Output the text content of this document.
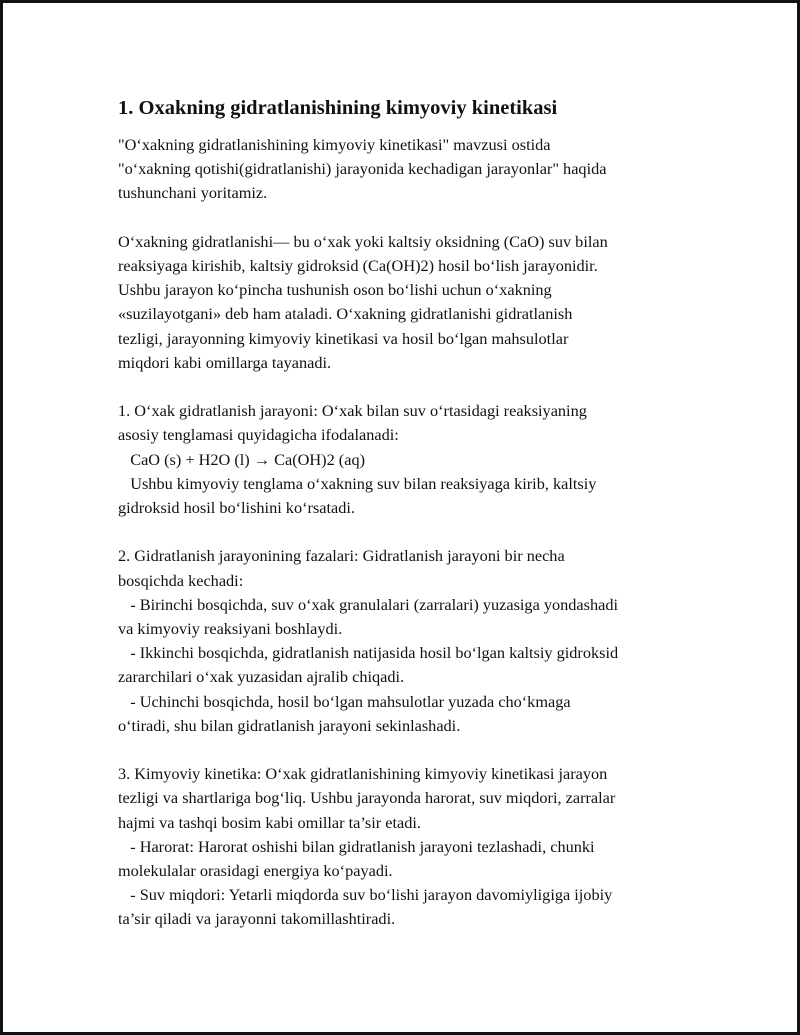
1. Oxakning gidratlanishining kimyoviy kinetikasi

"O‘xakning gidratlanishining kimyoviy kinetikasi" mavzusi ostida
"o‘xakning qotishi(gidratlanishi) jarayonida kechadigan jarayonlar" haqida
tushunchani yoritamiz.

O‘xakning gidratlanishi— bu o‘xak yoki kaltsiy oksidning (CaO) suv bilan
reaksiyaga kirishib, kaltsiy gidroksid (Ca(OH)2) hosil bo‘lish jarayonidir.
Ushbu jarayon ko‘pincha tushunish oson bo‘lishi uchun o‘xakning
«suzilayotgani» deb ham ataladi. O‘xakning gidratlanishi gidratlanish
tezligi, jarayonning kimyoviy kinetikasi va hosil bo‘lgan mahsulotlar
miqdori kabi omillarga tayanadi.

1. O‘xak gidratlanish jarayoni: O‘xak bilan suv o‘rtasidagi reaksiyaning
asosiy tenglamasi quyidagicha ifodalanadi:
CaO (s) + H2O (l) → Ca(OH)2 (aq)
Ushbu kimyoviy tenglama o‘xakning suv bilan reaksiyaga kirib, kaltsiy
gidroksid hosil bo‘lishini ko‘rsatadi.

2. Gidratlanish jarayonining fazalari: Gidratlanish jarayoni bir necha
bosqichda kechadi:
- Birinchi bosqichda, suv o‘xak granulalari (zarralari) yuzasiga yondashadi
va kimyoviy reaksiyani boshlaydi.
- Ikkinchi bosqichda, gidratlanish natijasida hosil bo‘lgan kaltsiy gidroksid
zararchilari o‘xak yuzasidan ajralib chiqadi.
- Uchinchi bosqichda, hosil bo‘lgan mahsulotlar yuzada cho‘kmaga
o‘tiradi, shu bilan gidratlanish jarayoni sekinlashadi.

3. Kimyoviy kinetika: O‘xak gidratlanishining kimyoviy kinetikasi jarayon
tezligi va shartlariga bog‘liq. Ushbu jarayonda harorat, suv miqdori, zarralar
hajmi va tashqi bosim kabi omillar ta’sir etadi.
- Harorat: Harorat oshishi bilan gidratlanish jarayoni tezlashadi, chunki
molekulalar orasidagi energiya ko‘payadi.
- Suv miqdori: Yetarli miqdorda suv bo‘lishi jarayon davomiyligiga ijobiy
ta’sir qiladi va jarayonni takomillashtiradi.
